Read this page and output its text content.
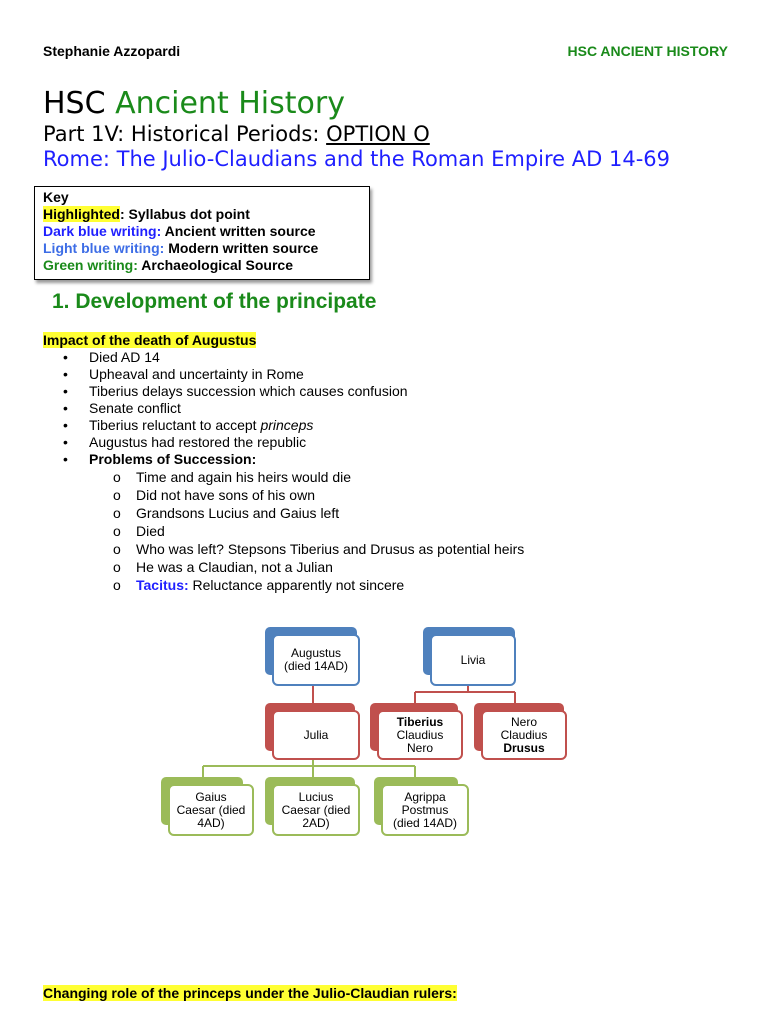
Stephanie Azzopardi	HSC ANCIENT HISTORY
HSC Ancient History
Part 1V: Historical Periods: OPTION O
Rome: The Julio-Claudians and the Roman Empire AD 14-69
Key
Highlighted: Syllabus dot point
Dark blue writing: Ancient written source
Light blue writing: Modern written source
Green writing: Archaeological Source
1. Development of the principate
Impact of the death of Augustus
• Died AD 14
• Upheaval and uncertainty in Rome
• Tiberius delays succession which causes confusion
• Senate conflict
• Tiberius reluctant to accept princeps
• Augustus had restored the republic
• Problems of Succession:
o Time and again his heirs would die
o Did not have sons of his own
o Grandsons Lucius and Gaius left
o Died
o Who was left? Stepsons Tiberius and Drusus as potential heirs
o He was a Claudian, not a Julian
o Tacitus: Reluctance apparently not sincere
Augustus
(died 14AD)	Livia
Julia
Tiberius
Claudius
Nero
Nero
Claudius
Drusus
Gaius
Caesar (died
4AD)
Lucius
Caesar (died
2AD)
Agrippa
Postmus
(died 14AD)
Changing role of the princeps under the Julio-Claudian rulers:
